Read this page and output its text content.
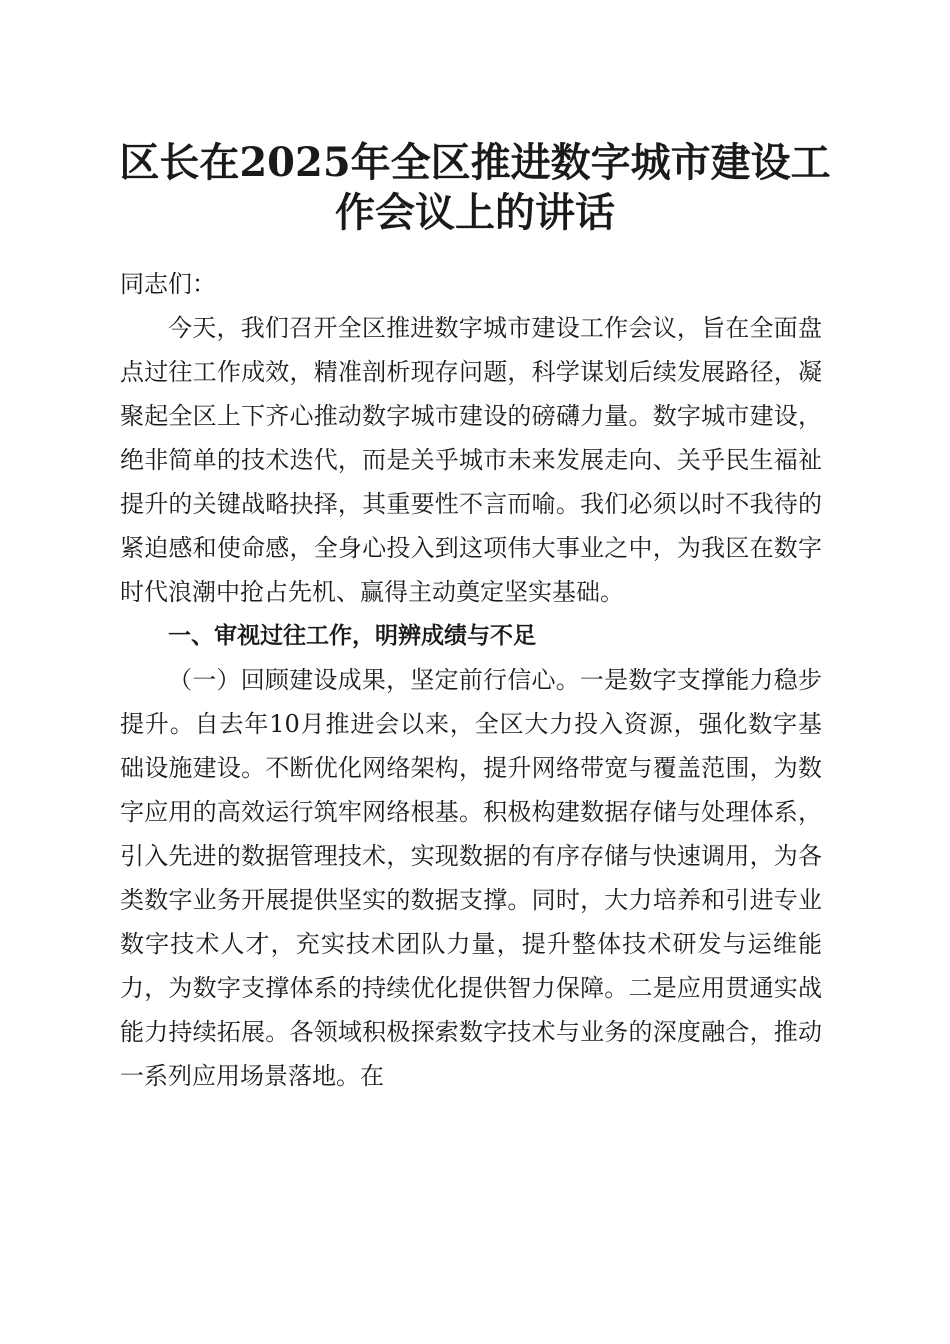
区长在2025年全区推进数字城市建设工作会议上的讲话

同志们：

今天，我们召开全区推进数字城市建设工作会议，旨在全面盘点过往工作成效，精准剖析现存问题，科学谋划后续发展路径，凝聚起全区上下齐心推动数字城市建设的磅礴力量。数字城市建设，绝非简单的技术迭代，而是关乎城市未来发展走向、关乎民生福祉提升的关键战略抉择，其重要性不言而喻。我们必须以时不我待的紧迫感和使命感，全身心投入到这项伟大事业之中，为我区在数字时代浪潮中抢占先机、赢得主动奠定坚实基础。

一、审视过往工作，明辨成绩与不足

（一）回顾建设成果，坚定前行信心。一是数字支撑能力稳步提升。自去年10月推进会以来，全区大力投入资源，强化数字基础设施建设。不断优化网络架构，提升网络带宽与覆盖范围，为数字应用的高效运行筑牢网络根基。积极构建数据存储与处理体系，引入先进的数据管理技术，实现数据的有序存储与快速调用，为各类数字业务开展提供坚实的数据支撑。同时，大力培养和引进专业数字技术人才，充实技术团队力量，提升整体技术研发与运维能力，为数字支撑体系的持续优化提供智力保障。二是应用贯通实战能力持续拓展。各领域积极探索数字技术与业务的深度融合，推动一系列应用场景落地。在
